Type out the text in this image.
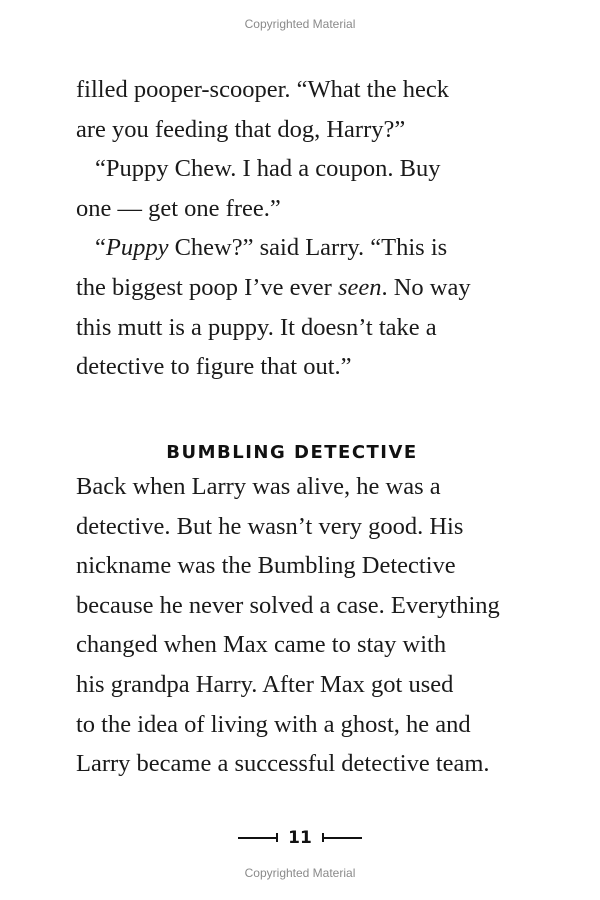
Copyrighted Material
filled pooper-scooper. “What the heck
are you feeding that dog, Harry?”
“Puppy Chew. I had a coupon. Buy
one — get one free.”
“Puppy Chew?” said Larry. “This is
the biggest poop I’ve ever seen. No way
this mutt is a puppy. It doesn’t take a
detective to figure that out.”
BUMBLING DETECTIVE
Back when Larry was alive, he was a
detective. But he wasn’t very good. His
nickname was the Bumbling Detective
because he never solved a case. Everything
changed when Max came to stay with
his grandpa Harry. After Max got used
to the idea of living with a ghost, he and
Larry became a successful detective team.
11
Copyrighted Material
